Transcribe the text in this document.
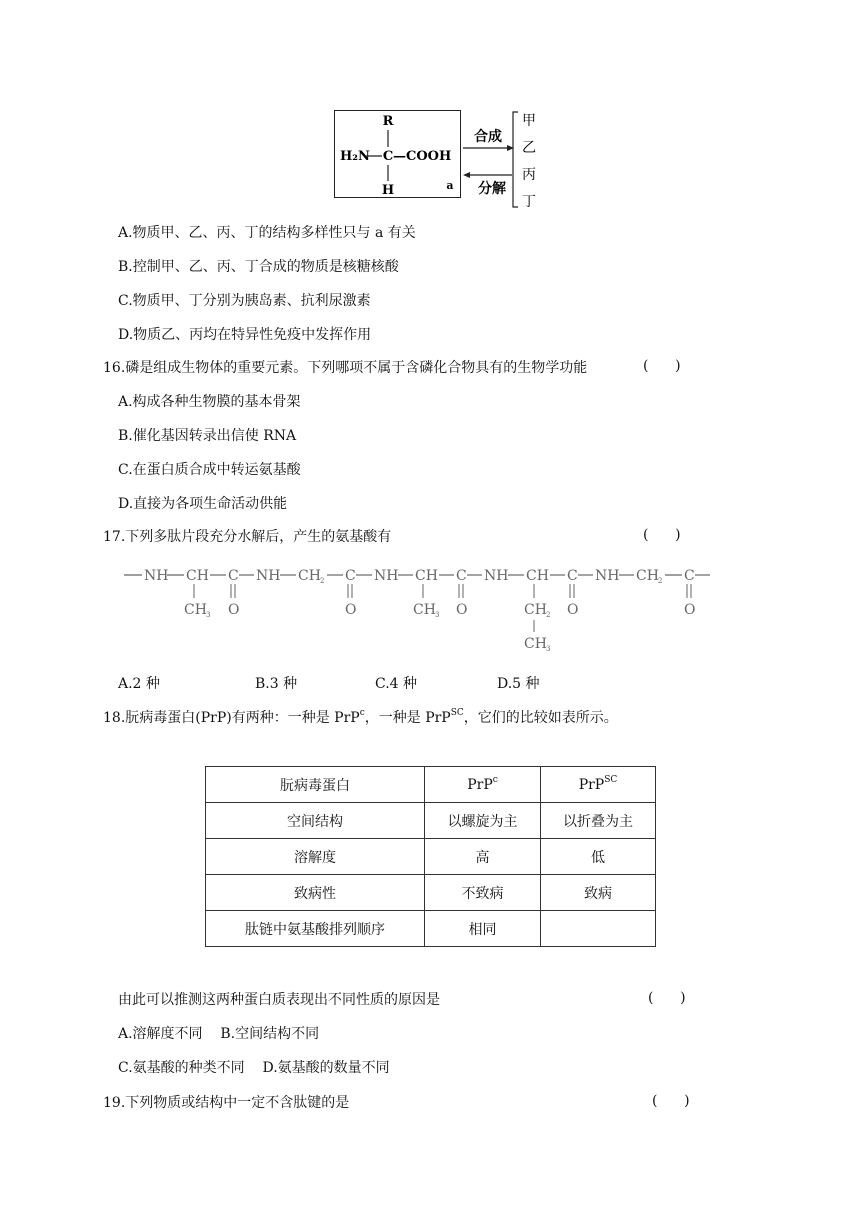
R
H₂N C —COOH
H	a
合成
分解
甲
乙
丙
丁
A.物质甲、乙、丙、丁的结构多样性只与 a 有关
B.控制甲、乙、丙、丁合成的物质是核糖核酸
C.物质甲、丁分别为胰岛素、抗利尿激素
D.物质乙、丙均在特异性免疫中发挥作用
16.磷是组成生物体的重要元素。下列哪项不属于含磷化合物具有的生物学功能	(      )
A.构成各种生物膜的基本骨架
B.催化基因转录出信使 RNA
C.在蛋白质合成中转运氨基酸
D.直接为各项生命活动供能
17.下列多肽片段充分水解后，产生的氨基酸有	(      )
NH CH C NH CH 2 C NH CH C NH CH C NH CH 2 C
CH 3	CH 3	CH 2
CH 3
O	O	O	O	O
A.2 种	B.3 种	C.4 种	D.5 种
18.朊病毒蛋白(PrP)有两种：一种是 PrP$^c$，一种是 PrP$^{SC}$，它们的比较如表所示。
朊病毒蛋白	PrP$^c$	PrP$^{SC}$
空间结构	以螺旋为主	以折叠为主
溶解度	高	低
致病性	不致病	致病
肽链中氨基酸排列顺序	相同	
由此可以推测这两种蛋白质表现出不同性质的原因是	(      )
A.溶解度不同    B.空间结构不同
C.氨基酸的种类不同    D.氨基酸的数量不同
19.下列物质或结构中一定不含肽键的是	(      )
